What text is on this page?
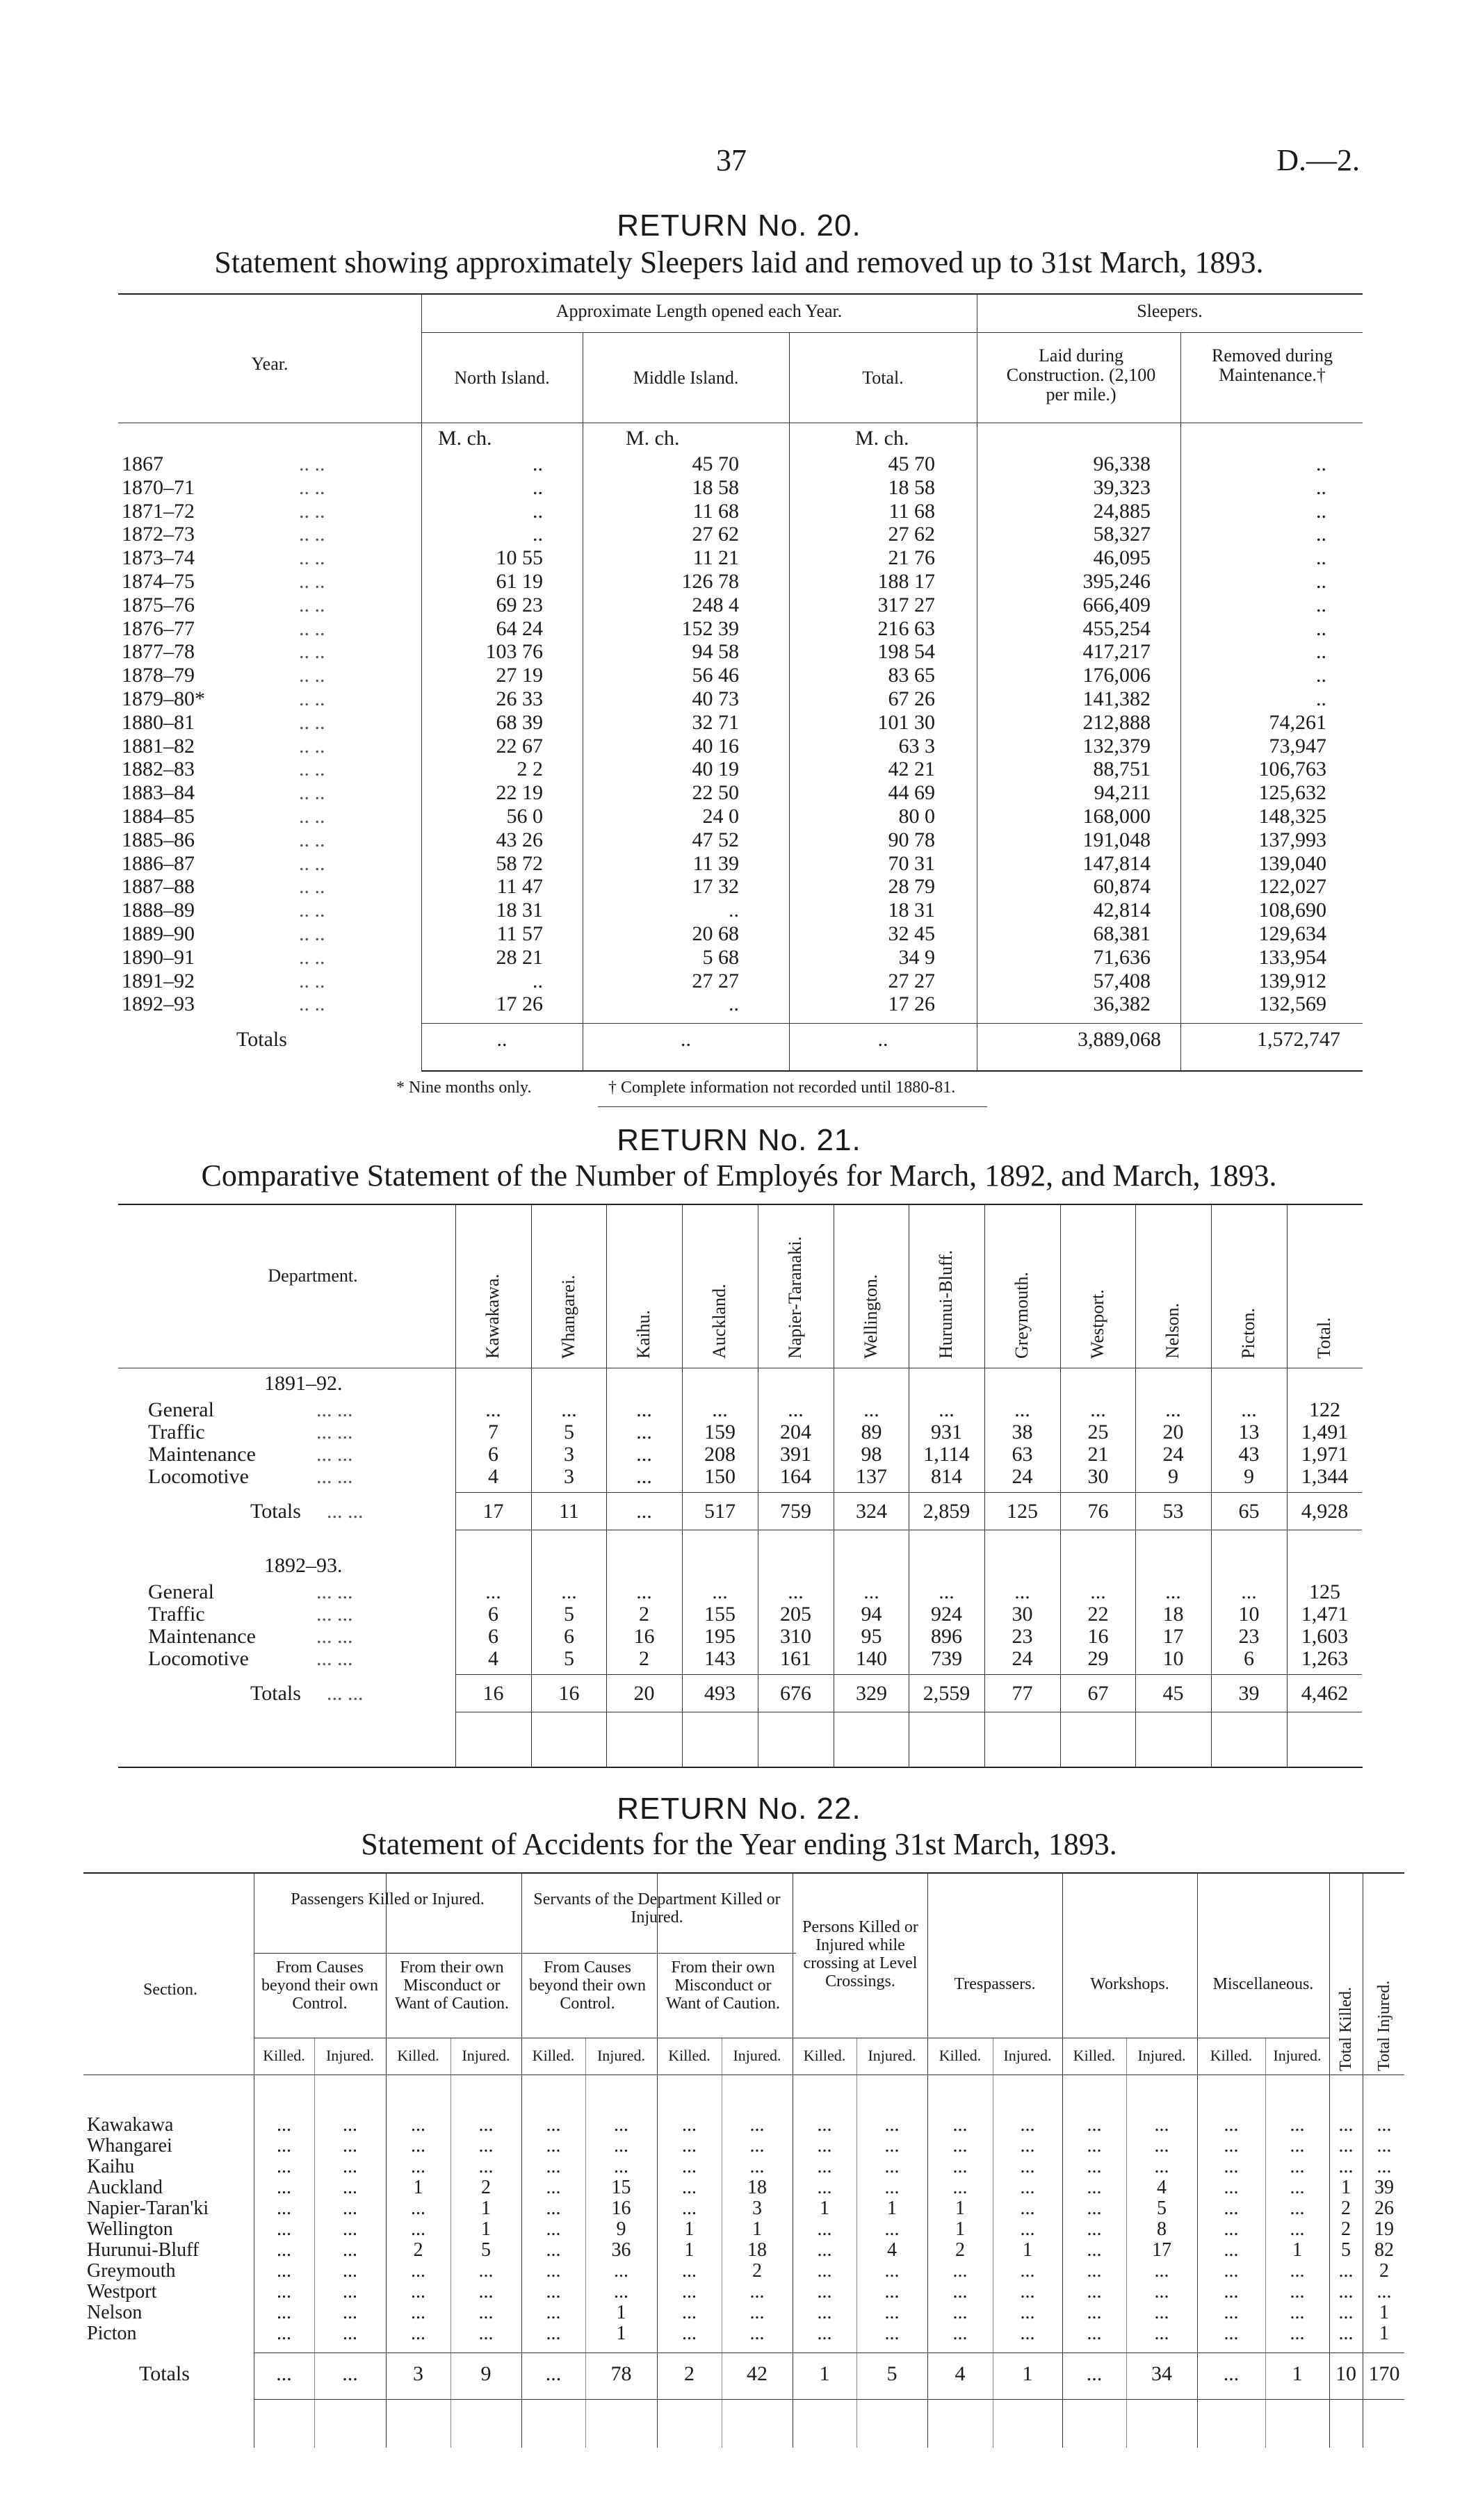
37	D.—2.
RETURN No. 20.
Statement showing approximately Sleepers laid and removed up to 31st March, 1893.
Approximate Length opened each Year.	Sleepers.
Year.
North Island.	Middle Island.	Total.
Laid during Construction. (2,100 per mile.)
Removed during Maintenance.†
M. ch.	M. ch.	M. ch.
1867	.. ..	..	45 70	45 70	96,338	..
1870–71	.. ..	..	18 58	18 58	39,323	..
1871–72	.. ..	..	11 68	11 68	24,885	..
1872–73	.. ..	..	27 62	27 62	58,327	..
1873–74	.. ..	10 55	11 21	21 76	46,095	..
1874–75	.. ..	61 19	126 78	188 17	395,246	..
1875–76	.. ..	69 23	248 4	317 27	666,409	..
1876–77	.. ..	64 24	152 39	216 63	455,254	..
1877–78	.. ..	103 76	94 58	198 54	417,217	..
1878–79	.. ..	27 19	56 46	83 65	176,006	..
1879–80*	.. ..	26 33	40 73	67 26	141,382	..
1880–81	.. ..	68 39	32 71	101 30	212,888	74,261
1881–82	.. ..	22 67	40 16	63 3	132,379	73,947
1882–83	.. ..	2 2	40 19	42 21	88,751	106,763
1883–84	.. ..	22 19	22 50	44 69	94,211	125,632
1884–85	.. ..	56 0	24 0	80 0	168,000	148,325
1885–86	.. ..	43 26	47 52	90 78	191,048	137,993
1886–87	.. ..	58 72	11 39	70 31	147,814	139,040
1887–88	.. ..	11 47	17 32	28 79	60,874	122,027
1888–89	.. ..	18 31	..	18 31	42,814	108,690
1889–90	.. ..	11 57	20 68	32 45	68,381	129,634
1890–91	.. ..	28 21	5 68	34 9	71,636	133,954
1891–92	.. ..	..	27 27	27 27	57,408	139,912
1892–93	.. ..	17 26	..	17 26	36,382	132,569
Totals	..	..	..	3,889,068	1,572,747
* Nine months only.	† Complete information not recorded until 1880-81.
RETURN No. 21.
Comparative Statement of the Number of Employés for March, 1892, and March, 1893.
Department.	Kawakawa.	Whangarei.	Kaihu.	Auckland.	Napier-Taranaki.	Wellington.	Hurunui-Bluff.	Greymouth.	Westport.	Nelson.	Picton.	Total.
1891–92.
General	... ...	...	...	...	...	...	...	...	...	...	...	...	122
Traffic	... ...	7	5	...	159	204	89	931	38	25	20	13	1,491
Maintenance	... ...	6	3	...	208	391	98	1,114	63	21	24	43	1,971
Locomotive	... ...	4	3	...	150	164	137	814	24	30	9	9	1,344
Totals ... ...	17	11	...	517	759	324	2,859	125	76	53	65	4,928
1892–93.
General	... ...	...	...	...	...	...	...	...	...	...	...	...	125
Traffic	... ...	6	5	2	155	205	94	924	30	22	18	10	1,471
Maintenance	... ...	6	6	16	195	310	95	896	23	16	17	23	1,603
Locomotive	... ...	4	5	2	143	161	140	739	24	29	10	6	1,263
Totals ... ...	16	16	20	493	676	329	2,559	77	67	45	39	4,462
RETURN No. 22.
Statement of Accidents for the Year ending 31st March, 1893.
Passengers Killed or Injured.	Servants of the Department Killed or Injured.
Section.
From Causes beyond their own Control.
From their own Misconduct or Want of Caution.
From Causes beyond their own Control.
From their own Misconduct or Want of Caution.
Persons Killed or Injured while crossing at Level Crossings.	Trespassers.	Workshops.	Miscellaneous.
Total Killed. Total Injured.
Killed.	Injured.	Killed.	Injured.	Killed.	Injured.	Killed.	Injured.	Killed.	Injured.	Killed.	Injured.	Killed.	Injured.	Killed.	Injured.
Kawakawa	...	...	...	...	...	...	...	...	...	...	...	...	...	...	...	...	...	...
Whangarei	...	...	...	...	...	...	...	...	...	...	...	...	...	...	...	...	...	...
Kaihu	...	...	...	...	...	...	...	...	...	...	...	...	...	...	...	...	...	...
Auckland	...	...	1	2	...	15	...	18	...	...	...	...	...	4	...	...	1	39
Napier-Taran'ki	...	...	...	1	...	16	...	3	1	1	1	...	...	5	...	...	2	26
Wellington	...	...	...	1	...	9	1	1	...	...	1	...	...	8	...	...	2	19
Hurunui-Bluff	...	...	2	5	...	36	1	18	...	4	2	1	...	17	...	1	5	82
Greymouth	...	...	...	...	...	...	...	2	...	...	...	...	...	...	...	...	...	2
Westport	...	...	...	...	...	...	...	...	...	...	...	...	...	...	...	...	...	...
Nelson	...	...	...	...	...	1	...	...	...	...	...	...	...	...	...	...	...	1
Picton	...	...	...	...	...	1	...	...	...	...	...	...	...	...	...	...	...	1
Totals	...	...	3	9	...	78	2	42	1	5	4	1	...	34	...	1	10 170
